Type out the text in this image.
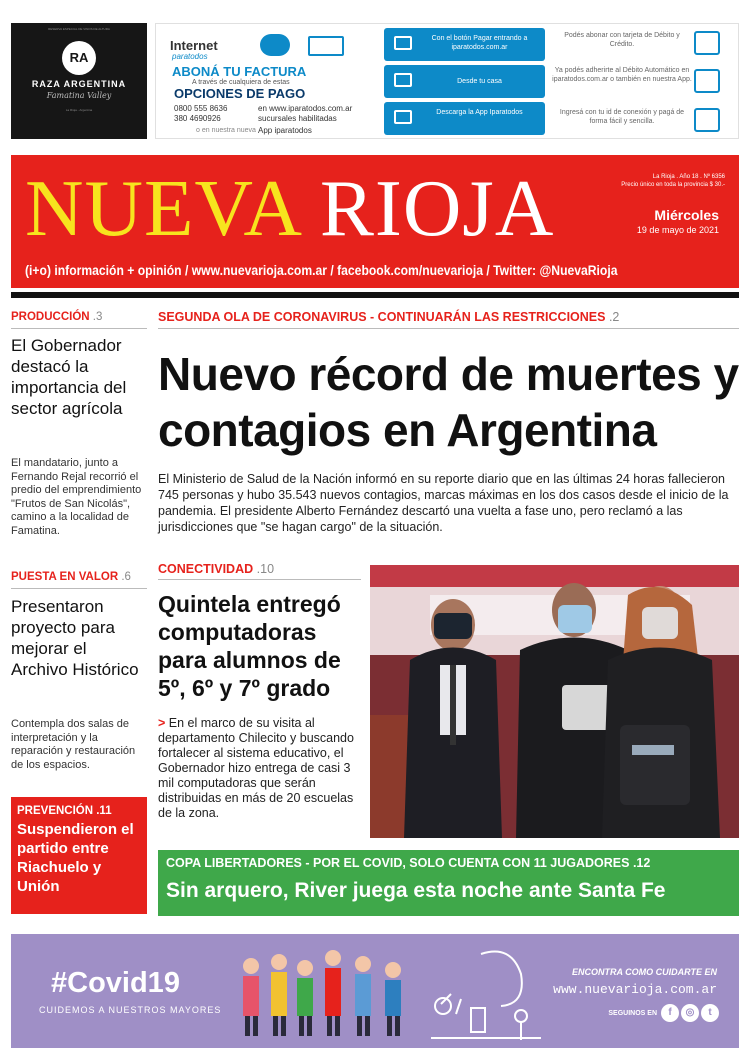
RESERVA ESPECIAL DE VINOS DE ALTURA
RA
RAZA ARGENTINA
Famatina Valley
La Rioja - Argentina
Internet
paratodos
ABONÁ TU FACTURA
A través de cualquiera de estas
OPCIONES DE PAGO
0800 555 8636
380 4690926
en www.iparatodos.com.ar
sucursales habilitadas
o en nuestra nueva App iparatodos
Con el botón Pagar entrando a iparatodos.com.ar
Desde tu casa
Descarga la App Iparatodos
Podés abonar con tarjeta de Débito y Crédito.
Ya podés adherirte al Débito Automático en iparatodos.com.ar o también en nuestra App.
Ingresá con tu id de conexión y pagá de forma fácil y sencilla.
NUEVA RIOJA	La Rioja . Año 18 . Nº 6356
Precio único en toda la provincia $ 30.-
Miércoles
19 de mayo de 2021
(i+o) información + opinión / www.nuevarioja.com.ar / facebook.com/nuevarioja / Twitter: @NuevaRioja
PRODUCCIÓN .3
El Gobernador destacó la importancia del sector agrícola
El mandatario, junto a Fernando Rejal recorrió el predio del emprendimiento "Frutos de San Nicolás", camino a la localidad de Famatina.
PUESTA EN VALOR .6
Presentaron proyecto para mejorar el Archivo Histórico
Contempla dos salas de interpretación y la reparación y restauración de los espacios.
PREVENCIÓN .11
Suspendieron el partido entre Riachuelo y Unión
SEGUNDA OLA DE CORONAVIRUS - CONTINUARÁN LAS RESTRICCIONES .2
Nuevo récord de muertes y contagios en Argentina
El Ministerio de Salud de la Nación informó en su reporte diario que en las últimas 24 horas fallecieron 745 personas y hubo 35.543 nuevos contagios, marcas máximas en los dos casos desde el inicio de la pandemia. El presidente Alberto Fernández descartó una vuelta a fase uno, pero reclamó a las jurisdicciones que "se hagan cargo" de la situación.
CONECTIVIDAD .10
Quintela entregó computadoras para alumnos de 5º, 6º y 7º grado
> En el marco de su visita al departamento Chilecito y buscando fortalecer al sistema educativo, el Gobernador hizo entrega de casi 3 mil computadoras que serán distribuidas en más de 20 escuelas de la zona.
COPA LIBERTADORES - POR EL COVID, SOLO CUENTA CON 11 JUGADORES .12
Sin arquero, River juega esta noche ante Santa Fe
#Covid19
CUIDEMOS A NUESTROS MAYORES
ENCONTRA COMO CUIDARTE EN
www.nuevarioja.com.ar
SEGUINOS EN	f	◎	t
